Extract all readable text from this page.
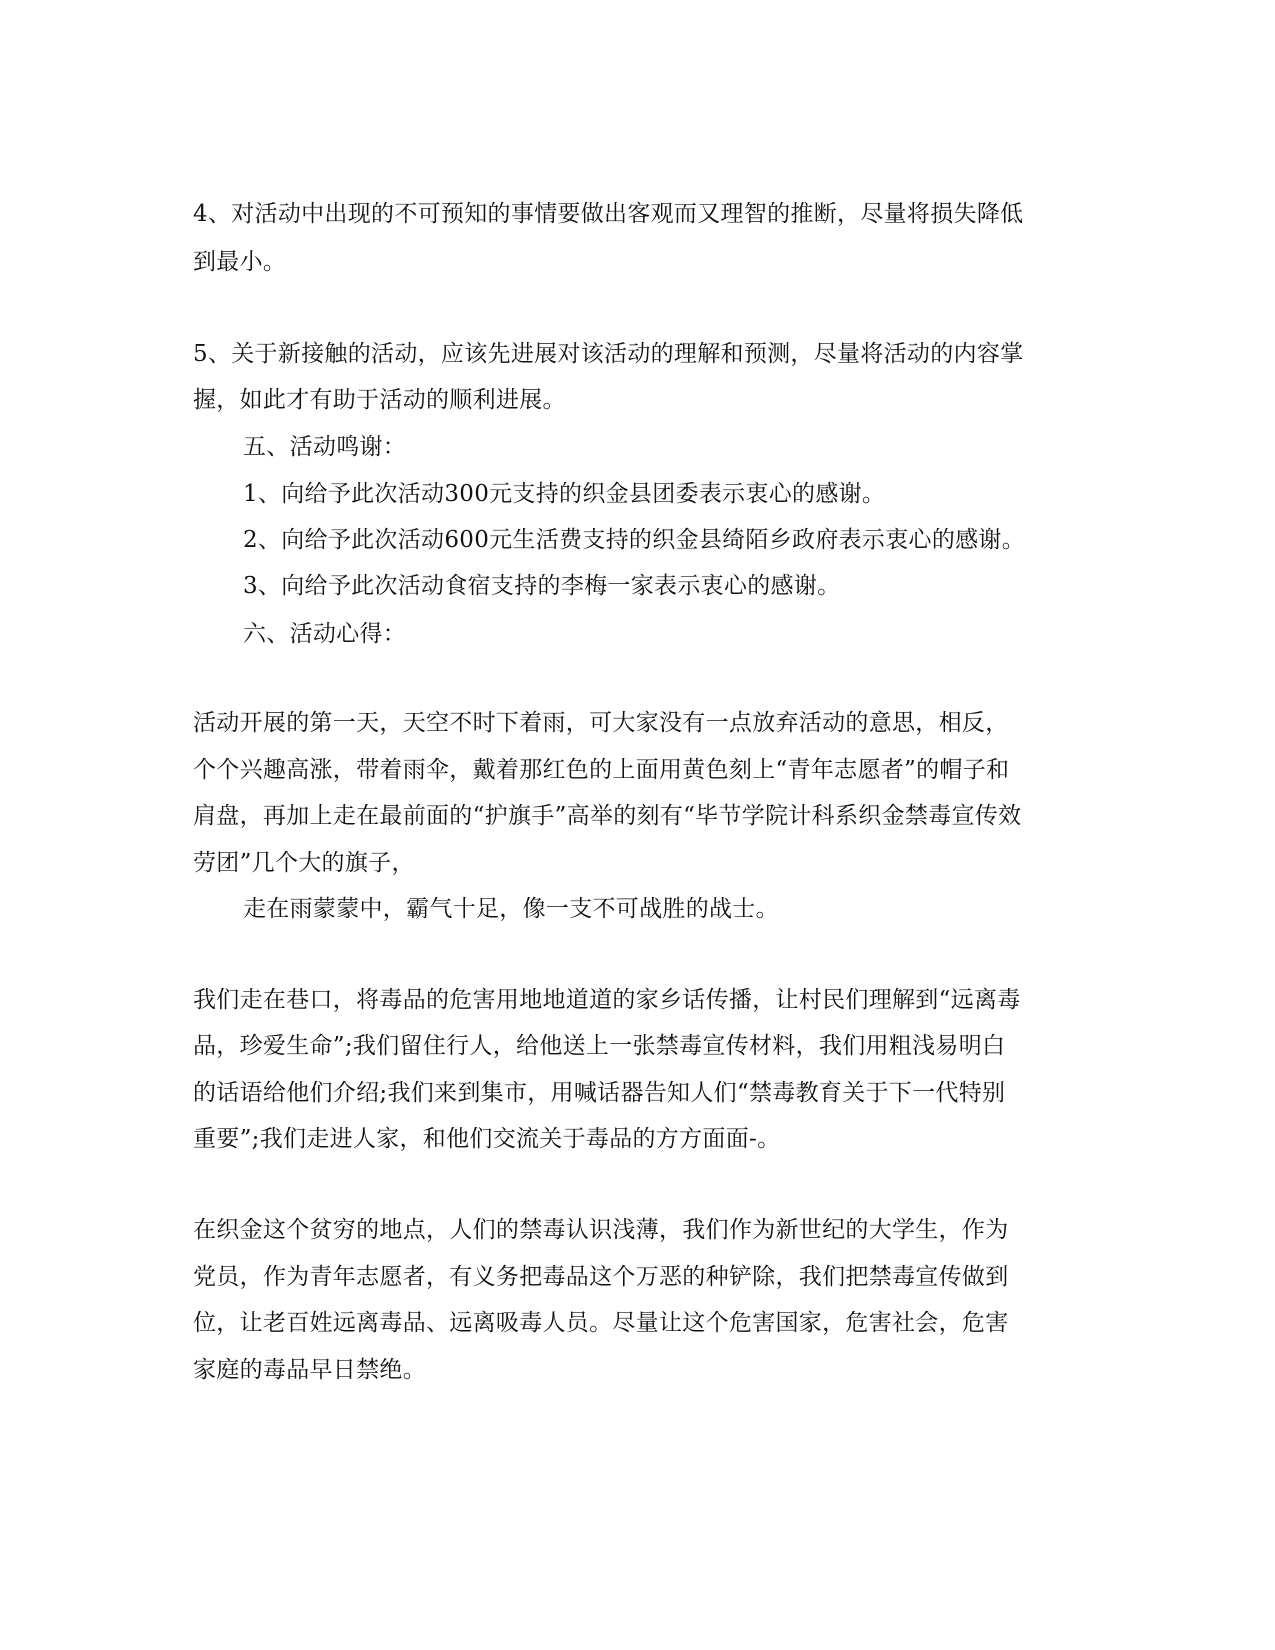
4、对活动中出现的不可预知的事情要做出客观而又理智的推断，尽量将损失降低
到最小。
5、关于新接触的活动，应该先进展对该活动的理解和预测，尽量将活动的内容掌
握，如此才有助于活动的顺利进展。
五、活动鸣谢：
1、向给予此次活动300元支持的织金县团委表示衷心的感谢。
2、向给予此次活动600元生活费支持的织金县绮陌乡政府表示衷心的感谢。
3、向给予此次活动食宿支持的李梅一家表示衷心的感谢。
六、活动心得：
活动开展的第一天，天空不时下着雨，可大家没有一点放弃活动的意思，相反，
个个兴趣高涨，带着雨伞，戴着那红色的上面用黄色刻上“青年志愿者”的帽子和
肩盘，再加上走在最前面的“护旗手”高举的刻有“毕节学院计科系织金禁毒宣传效
劳团”几个大的旗子，
走在雨蒙蒙中，霸气十足，像一支不可战胜的战士。
我们走在巷口，将毒品的危害用地地道道的家乡话传播，让村民们理解到“远离毒
品，珍爱生命”;我们留住行人，给他送上一张禁毒宣传材料，我们用粗浅易明白
的话语给他们介绍;我们来到集市，用喊话器告知人们“禁毒教育关于下一代特别
重要”;我们走进人家，和他们交流关于毒品的方方面面-。
在织金这个贫穷的地点，人们的禁毒认识浅薄，我们作为新世纪的大学生，作为
党员，作为青年志愿者，有义务把毒品这个万恶的种铲除，我们把禁毒宣传做到
位，让老百姓远离毒品、远离吸毒人员。尽量让这个危害国家，危害社会，危害
家庭的毒品早日禁绝。
